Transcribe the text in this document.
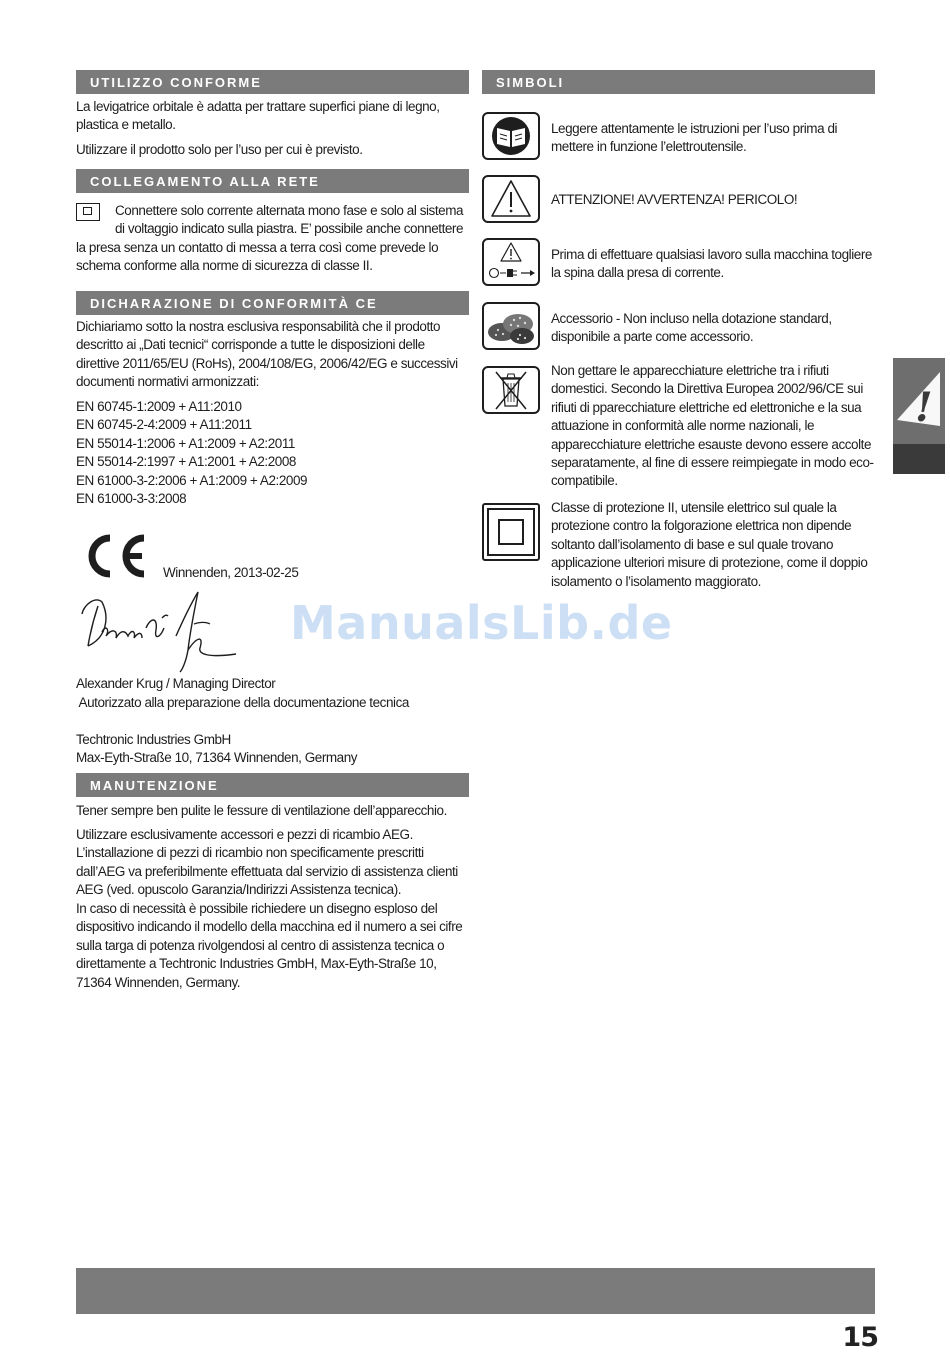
UTILIZZO CONFORME

La levigatrice orbitale è adatta per trattare superfici piane di legno, plastica e metallo.

Utilizzare il prodotto solo per l’uso per cui è previsto.

COLLEGAMENTO ALLA RETE

Connettere solo corrente alternata mono fase e solo al sistema di voltaggio indicato sulla piastra. E’ possibile anche connettere la presa senza un contatto di messa a terra così come prevede lo schema conforme alla norme di sicurezza di classe II.

DICHARAZIONE DI CONFORMITÀ CE

Dichiariamo sotto la nostra esclusiva responsabilità che il prodotto descritto ai „Dati tecnici“ corrisponde a tutte le disposizioni delle direttive 2011/65/EU (RoHs), 2004/108/EG, 2006/42/EG e successivi documenti normativi armonizzati:

EN 60745-1:2009 + A11:2010
EN 60745-2-4:2009 + A11:2011
EN 55014-1:2006 + A1:2009 + A2:2011
EN 55014-2:1997 + A1:2001 + A2:2008
EN 61000-3-2:2006 + A1:2009 + A2:2009
EN 61000-3-3:2008

Winnenden, 2013-02-25

Alexander Krug / Managing Director

Autorizzato alla preparazione della documentazione tecnica

Techtronic Industries GmbH

Max-Eyth-Straße 10, 71364 Winnenden, Germany

MANUTENZIONE

Tener sempre ben pulite le fessure di ventilazione dell’apparecchio.

Utilizzare esclusivamente accessori e pezzi di ricambio AEG. L’installazione di pezzi di ricambio non specificamente prescritti dall’AEG va preferibilmente effettuata dal servizio di assistenza clienti AEG (ved. opuscolo Garanzia/Indirizzi Assistenza tecnica).

In caso di necessità è possibile richiedere un disegno esploso del dispositivo indicando il modello della macchina ed il numero a sei cifre sulla targa di potenza rivolgendosi al centro di assistenza tecnica o direttamente a Techtronic Industries GmbH, Max-Eyth-Straße 10, 71364 Winnenden, Germany.

SIMBOLI

Leggere attentamente le istruzioni per l’uso prima di mettere in funzione l’elettroutensile.

ATTENZIONE! AVVERTENZA! PERICOLO!

Prima di effettuare qualsiasi lavoro sulla macchina togliere la spina dalla presa di corrente.

Accessorio - Non incluso nella dotazione standard, disponibile a parte come accessorio.

Non gettare le apparecchiature elettriche tra i rifiuti domestici. Secondo la Direttiva Europea 2002/96/CE sui rifiuti di pparecchiature elettriche ed elettroniche e la sua attuazione in conformità alle norme nazionali, le apparecchiature elettriche esauste devono essere accolte separatamente, al fine di essere reimpiegate in modo eco-compatibile.

Classe di protezione II, utensile elettrico sul quale la protezione contro la folgorazione elettrica non dipende soltanto dall’isolamento di base e sul quale trovano applicazione ulteriori misure di protezione, come il doppio isolamento o l’isolamento maggiorato.

!
ManualsLib.de
15
